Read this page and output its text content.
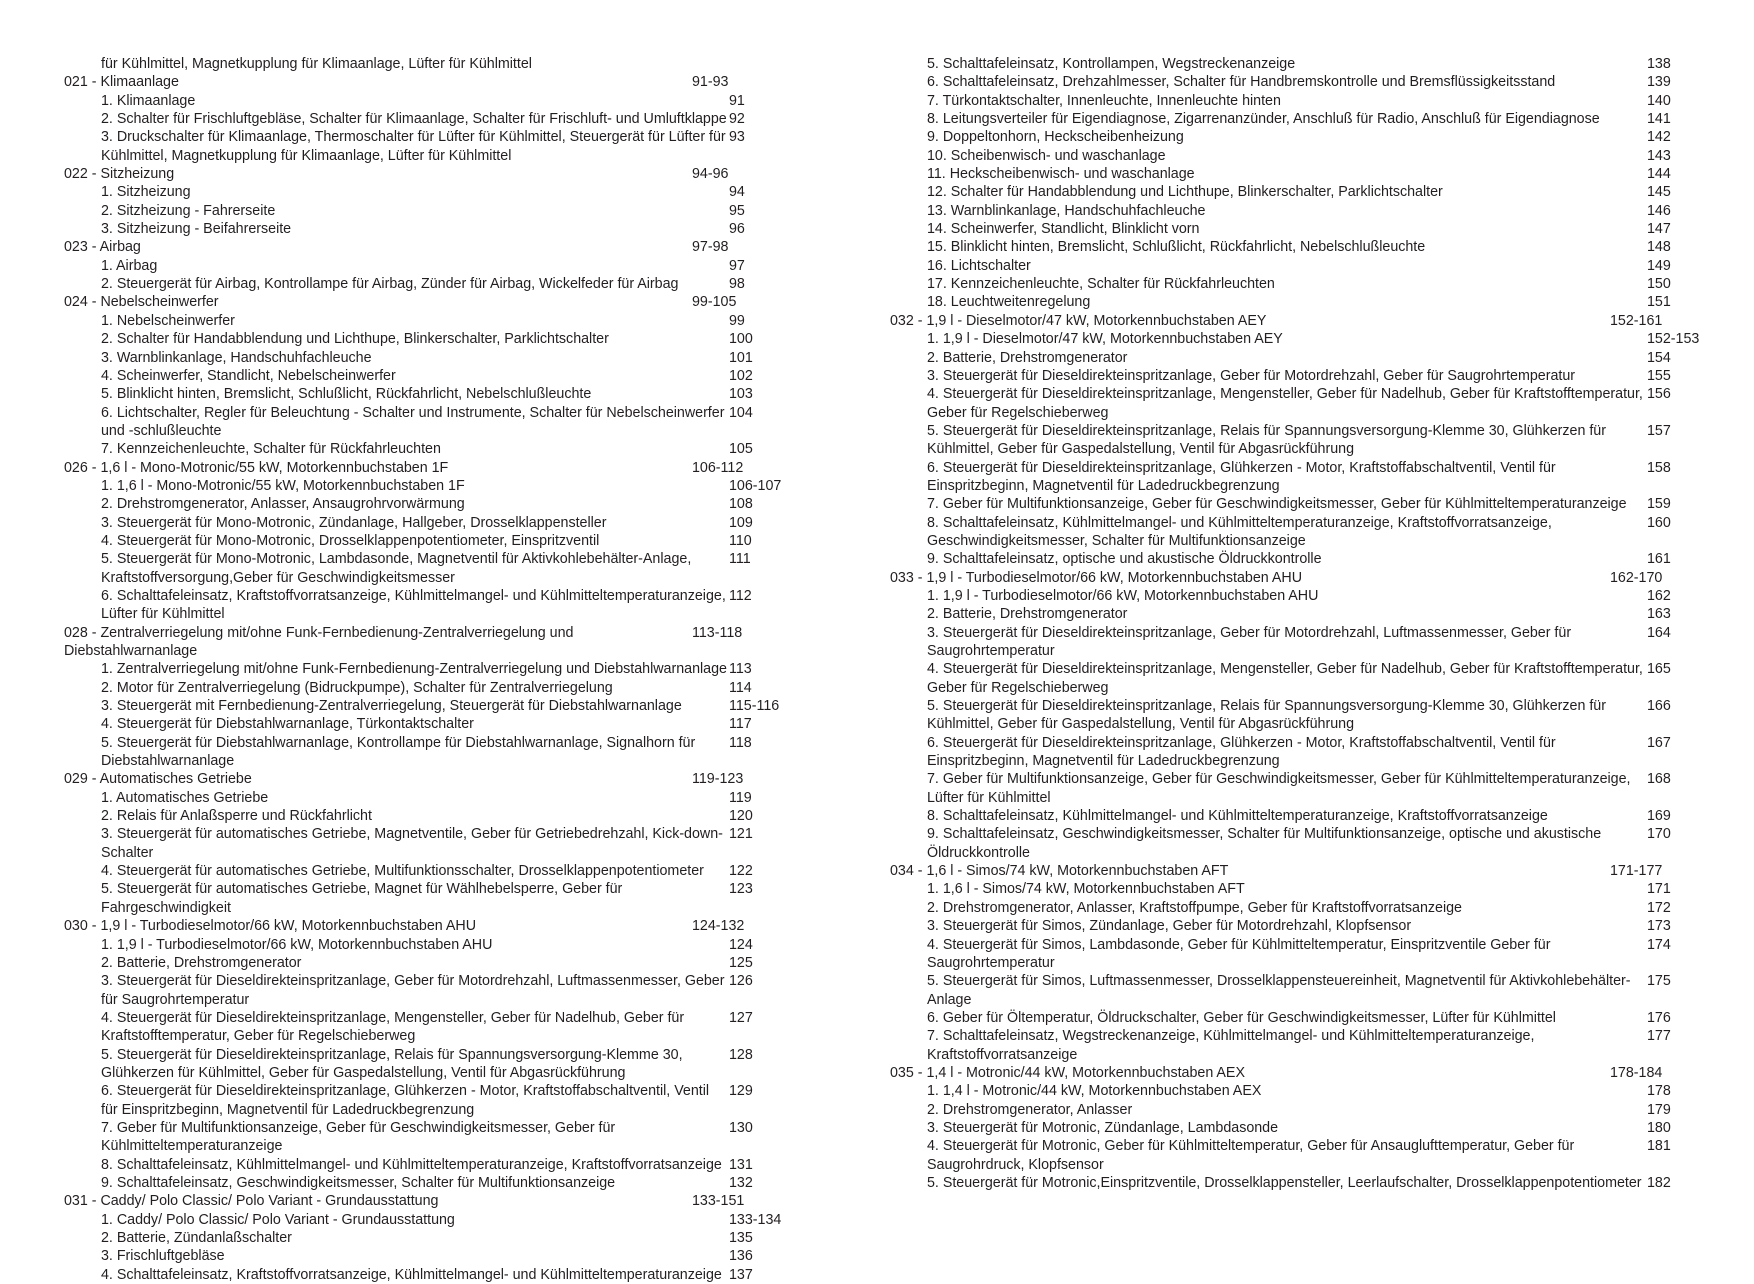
für Kühlmittel, Magnetkupplung für Klimaanlage, Lüfter für Kühlmittel
021 - Klimaanlage	91-93
1. Klimaanlage	91
2. Schalter für Frischluftgebläse, Schalter für Klimaanlage, Schalter für Frischluft- und Umluftklappe 92
3. Druckschalter für Klimaanlage, Thermoschalter für Lüfter für Kühlmittel, Steuergerät für Lüfter für Kühlmittel, Magnetkupplung für Klimaanlage, Lüfter für Kühlmittel
93
022 - Sitzheizung	94-96
1. Sitzheizung	94
2. Sitzheizung - Fahrerseite	95
3. Sitzheizung - Beifahrerseite	96
023 - Airbag	97-98
1. Airbag	97
2. Steuergerät für Airbag, Kontrollampe für Airbag, Zünder für Airbag, Wickelfeder für Airbag	98
024 - Nebelscheinwerfer	99-105
1. Nebelscheinwerfer	99
2. Schalter für Handabblendung und Lichthupe, Blinkerschalter, Parklichtschalter	100
3. Warnblinkanlage, Handschuhfachleuche	101
4. Scheinwerfer, Standlicht, Nebelscheinwerfer	102
5. Blinklicht hinten, Bremslicht, Schlußlicht, Rückfahrlicht, Nebelschlußleuchte	103
6. Lichtschalter, Regler für Beleuchtung - Schalter und Instrumente, Schalter für Nebelscheinwerfer und -schlußleuchte
104
7. Kennzeichenleuchte, Schalter für Rückfahrleuchten	105
026 - 1,6 l - Mono-Motronic/55 kW, Motorkennbuchstaben 1F	106-112
1. 1,6 l - Mono-Motronic/55 kW, Motorkennbuchstaben 1F	106-107
2. Drehstromgenerator, Anlasser, Ansaugrohrvorwärmung	108
3. Steuergerät für Mono-Motronic, Zündanlage, Hallgeber, Drosselklappensteller	109
4. Steuergerät für Mono-Motronic, Drosselklappenpotentiometer, Einspritzventil	110
5. Steuergerät für Mono-Motronic, Lambdasonde, Magnetventil für Aktivkohlebehälter-Anlage, Kraftstoffversorgung,Geber für Geschwindigkeitsmesser
111
6. Schalttafeleinsatz, Kraftstoffvorratsanzeige, Kühlmittelmangel- und Kühlmitteltemperaturanzeige, Lüfter für Kühlmittel
112
028 - Zentralverriegelung mit/ohne Funk-Fernbedienung-Zentralverriegelung und Diebstahlwarnanlage
113-118
1. Zentralverriegelung mit/ohne Funk-Fernbedienung-Zentralverriegelung und Diebstahlwarnanlage 113
2. Motor für Zentralverriegelung (Bidruckpumpe), Schalter für Zentralverriegelung	114
3. Steuergerät mit Fernbedienung-Zentralverriegelung, Steuergerät für Diebstahlwarnanlage	115-116
4. Steuergerät für Diebstahlwarnanlage, Türkontaktschalter	117
5. Steuergerät für Diebstahlwarnanlage, Kontrollampe für Diebstahlwarnanlage, Signalhorn für Diebstahlwarnanlage
118
029 - Automatisches Getriebe	119-123
1. Automatisches Getriebe	119
2. Relais für Anlaßsperre und Rückfahrlicht	120
3. Steuergerät für automatisches Getriebe, Magnetventile, Geber für Getriebedrehzahl, Kick-down-Schalter
121
4. Steuergerät für automatisches Getriebe, Multifunktionsschalter, Drosselklappenpotentiometer	122
5. Steuergerät für automatisches Getriebe, Magnet für Wählhebelsperre, Geber für Fahrgeschwindigkeit
123
030 - 1,9 l - Turbodieselmotor/66 kW, Motorkennbuchstaben AHU	124-132
1. 1,9 l - Turbodieselmotor/66 kW, Motorkennbuchstaben AHU	124
2. Batterie, Drehstromgenerator	125
3. Steuergerät für Dieseldirekteinspritzanlage, Geber für Motordrehzahl, Luftmassenmesser, Geber für Saugrohrtemperatur
126
4. Steuergerät für Dieseldirekteinspritzanlage, Mengensteller, Geber für Nadelhub, Geber für Kraftstofftemperatur, Geber für Regelschieberweg
127
5. Steuergerät für Dieseldirekteinspritzanlage, Relais für Spannungsversorgung-Klemme 30, Glühkerzen für Kühlmittel, Geber für Gaspedalstellung, Ventil für Abgasrückführung
128
6. Steuergerät für Dieseldirekteinspritzanlage, Glühkerzen - Motor, Kraftstoffabschaltventil, Ventil für Einspritzbeginn, Magnetventil für Ladedruckbegrenzung
129
7. Geber für Multifunktionsanzeige, Geber für Geschwindigkeitsmesser, Geber für Kühlmitteltemperaturanzeige
130
8. Schalttafeleinsatz, Kühlmittelmangel- und Kühlmitteltemperaturanzeige, Kraftstoffvorratsanzeige 131
9. Schalttafeleinsatz, Geschwindigkeitsmesser, Schalter für Multifunktionsanzeige	132
031 - Caddy/ Polo Classic/ Polo Variant - Grundausstattung	133-151
1. Caddy/ Polo Classic/ Polo Variant - Grundausstattung	133-134
2. Batterie, Zündanlaßschalter	135
3. Frischluftgebläse	136
4. Schalttafeleinsatz, Kraftstoffvorratsanzeige, Kühlmittelmangel- und Kühlmitteltemperaturanzeige 137
5. Schalttafeleinsatz, Kontrollampen, Wegstreckenanzeige	138
6. Schalttafeleinsatz, Drehzahlmesser, Schalter für Handbremskontrolle und Bremsflüssigkeitsstand	139
7. Türkontaktschalter, Innenleuchte, Innenleuchte hinten	140
8. Leitungsverteiler für Eigendiagnose, Zigarrenanzünder, Anschluß für Radio, Anschluß für Eigendiagnose	141
9. Doppeltonhorn, Heckscheibenheizung	142
10. Scheibenwisch- und waschanlage	143
11. Heckscheibenwisch- und waschanlage	144
12. Schalter für Handabblendung und Lichthupe, Blinkerschalter, Parklichtschalter	145
13. Warnblinkanlage, Handschuhfachleuche	146
14. Scheinwerfer, Standlicht, Blinklicht vorn	147
15. Blinklicht hinten, Bremslicht, Schlußlicht, Rückfahrlicht, Nebelschlußleuchte	148
16. Lichtschalter	149
17. Kennzeichenleuchte, Schalter für Rückfahrleuchten	150
18. Leuchtweitenregelung	151
032 - 1,9 l - Dieselmotor/47 kW, Motorkennbuchstaben AEY	152-161
1. 1,9 l - Dieselmotor/47 kW, Motorkennbuchstaben AEY	152-153
2. Batterie, Drehstromgenerator	154
3. Steuergerät für Dieseldirekteinspritzanlage, Geber für Motordrehzahl, Geber für Saugrohrtemperatur	155
4. Steuergerät für Dieseldirekteinspritzanlage, Mengensteller, Geber für Nadelhub, Geber für Kraftstofftemperatur, Geber für Regelschieberweg
156
5. Steuergerät für Dieseldirekteinspritzanlage, Relais für Spannungsversorgung-Klemme 30, Glühkerzen für Kühlmittel, Geber für Gaspedalstellung, Ventil für Abgasrückführung
157
6. Steuergerät für Dieseldirekteinspritzanlage, Glühkerzen - Motor, Kraftstoffabschaltventil, Ventil für Einspritzbeginn, Magnetventil für Ladedruckbegrenzung
158
7. Geber für Multifunktionsanzeige, Geber für Geschwindigkeitsmesser, Geber für Kühlmitteltemperaturanzeige	159
8. Schalttafeleinsatz, Kühlmittelmangel- und Kühlmitteltemperaturanzeige, Kraftstoffvorratsanzeige, Geschwindigkeitsmesser, Schalter für Multifunktionsanzeige
160
9. Schalttafeleinsatz, optische und akustische Öldruckkontrolle	161
033 - 1,9 l - Turbodieselmotor/66 kW, Motorkennbuchstaben AHU	162-170
1. 1,9 l - Turbodieselmotor/66 kW, Motorkennbuchstaben AHU	162
2. Batterie, Drehstromgenerator	163
3. Steuergerät für Dieseldirekteinspritzanlage, Geber für Motordrehzahl, Luftmassenmesser, Geber für Saugrohrtemperatur
164
4. Steuergerät für Dieseldirekteinspritzanlage, Mengensteller, Geber für Nadelhub, Geber für Kraftstofftemperatur, Geber für Regelschieberweg
165
5. Steuergerät für Dieseldirekteinspritzanlage, Relais für Spannungsversorgung-Klemme 30, Glühkerzen für Kühlmittel, Geber für Gaspedalstellung, Ventil für Abgasrückführung
166
6. Steuergerät für Dieseldirekteinspritzanlage, Glühkerzen - Motor, Kraftstoffabschaltventil, Ventil für Einspritzbeginn, Magnetventil für Ladedruckbegrenzung
167
7. Geber für Multifunktionsanzeige, Geber für Geschwindigkeitsmesser, Geber für Kühlmitteltemperaturanzeige, Lüfter für Kühlmittel
168
8. Schalttafeleinsatz, Kühlmittelmangel- und Kühlmitteltemperaturanzeige, Kraftstoffvorratsanzeige	169
9. Schalttafeleinsatz, Geschwindigkeitsmesser, Schalter für Multifunktionsanzeige, optische und akustische Öldruckkontrolle
170
034 - 1,6 l - Simos/74 kW, Motorkennbuchstaben AFT	171-177
1. 1,6 l - Simos/74 kW, Motorkennbuchstaben AFT	171
2. Drehstromgenerator, Anlasser, Kraftstoffpumpe, Geber für Kraftstoffvorratsanzeige	172
3. Steuergerät für Simos, Zündanlage, Geber für Motordrehzahl, Klopfsensor	173
4. Steuergerät für Simos, Lambdasonde, Geber für Kühlmitteltemperatur, Einspritzventile Geber für Saugrohrtemperatur
174
5. Steuergerät für Simos, Luftmassenmesser, Drosselklappensteuereinheit, Magnetventil für Aktivkohlebehälter-Anlage
175
6. Geber für Öltemperatur, Öldruckschalter, Geber für Geschwindigkeitsmesser, Lüfter für Kühlmittel	176
7. Schalttafeleinsatz, Wegstreckenanzeige, Kühlmittelmangel- und Kühlmitteltemperaturanzeige, Kraftstoffvorratsanzeige
177
035 - 1,4 l - Motronic/44 kW, Motorkennbuchstaben AEX	178-184
1. 1,4 l - Motronic/44 kW, Motorkennbuchstaben AEX	178
2. Drehstromgenerator, Anlasser	179
3. Steuergerät für Motronic, Zündanlage, Lambdasonde	180
4. Steuergerät für Motronic, Geber für Kühlmitteltemperatur, Geber für Ansauglufttemperatur, Geber für Saugrohrdruck, Klopfsensor
181
5. Steuergerät für Motronic,Einspritzventile, Drosselklappensteller, Leerlaufschalter, Drosselklappenpotentiometer 182
